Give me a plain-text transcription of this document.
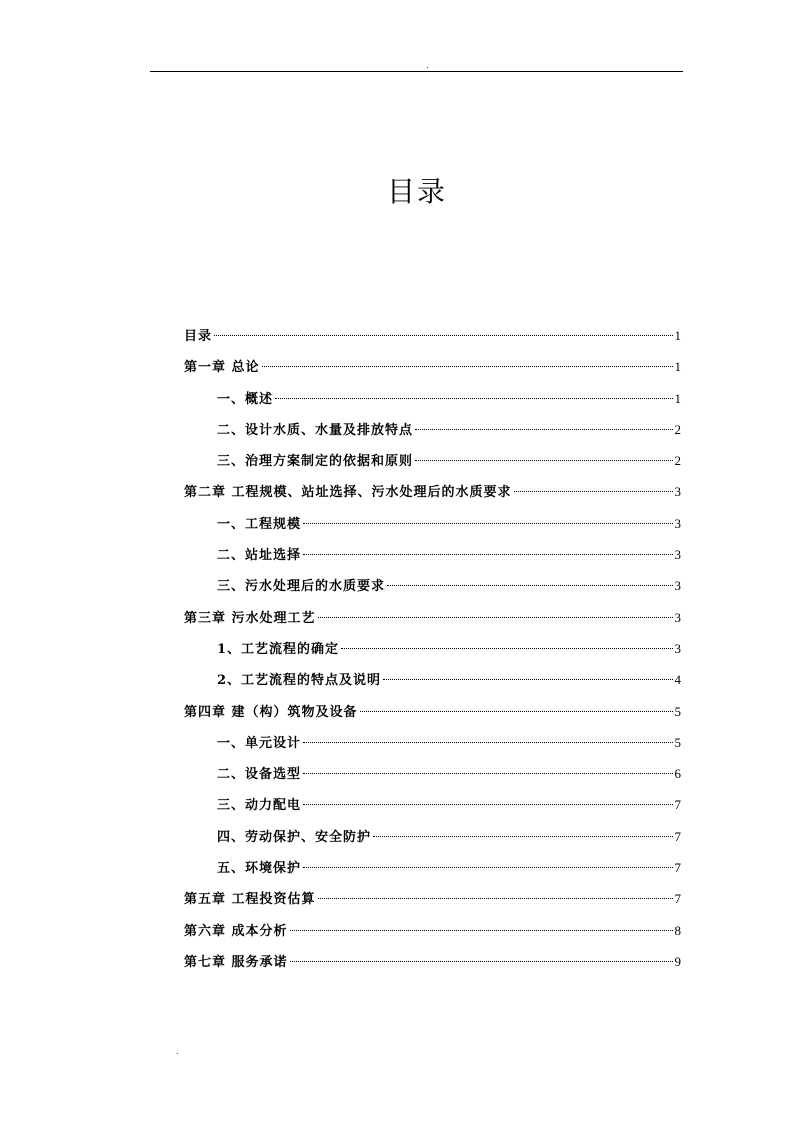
.
目录
目录	1
第一章 总论	1
一、概述	1
二、设计水质、水量及排放特点	2
三、治理方案制定的依据和原则	2
第二章 工程规模、站址选择、污水处理后的水质要求	3
一、工程规模	3
二、站址选择	3
三、污水处理后的水质要求	3
第三章 污水处理工艺	3
1、工艺流程的确定	3
2、工艺流程的特点及说明	4
第四章 建（构）筑物及设备	5
一、单元设计	5
二、设备选型	6
三、动力配电	7
四、劳动保护、安全防护	7
五、环境保护	7
第五章 工程投资估算	7
第六章 成本分析	8
第七章 服务承诺	9
.
